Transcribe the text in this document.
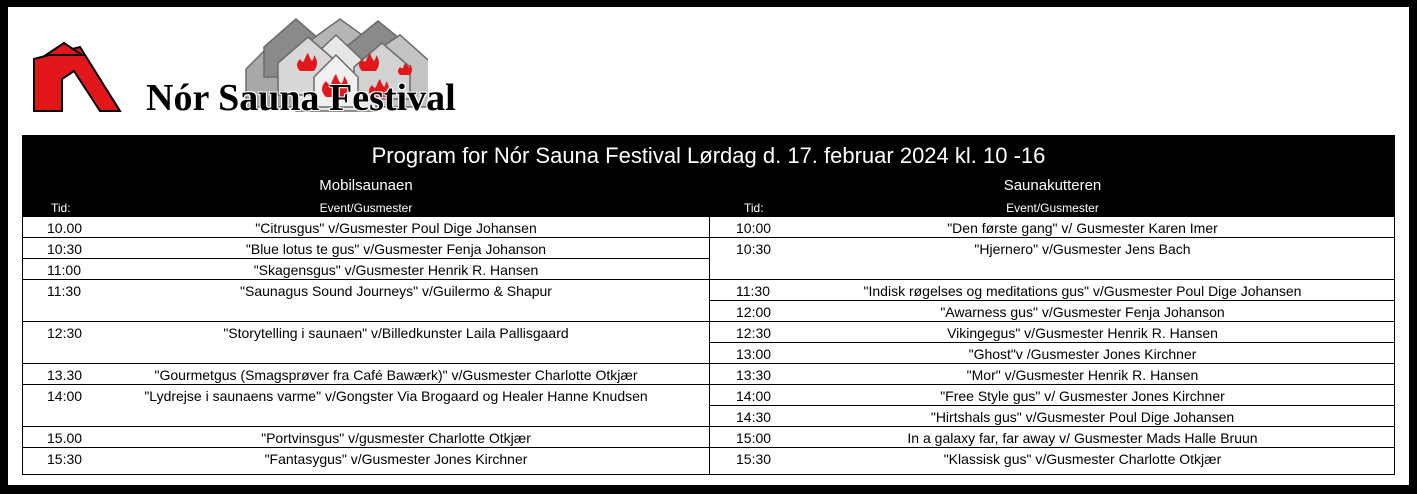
Nór Sauna Festival
Program for Nór Sauna Festival Lørdag d. 17. februar 2024 kl. 10 -16
Mobilsaunaen
Tid:	Event/Gusmester
10.00	"Citrusgus" v/Gusmester Poul Dige Johansen
10:30	"Blue lotus te gus" v/Gusmester Fenja Johanson
11:00	"Skagensgus" v/Gusmester Henrik R. Hansen
11:30	"Saunagus Sound Journeys" v/Guilermo & Shapur
12:30	"Storytelling i saunaen" v/Billedkunster Laila Pallisgaard
13.30	"Gourmetgus (Smagsprøver fra Café Bawærk)" v/Gusmester Charlotte Otkjær
14:00	"Lydrejse i saunaens varme" v/Gongster Via Brogaard og Healer Hanne Knudsen
15.00	"Portvinsgus" v/gusmester Charlotte Otkjær
15:30	"Fantasygus" v/Gusmester Jones Kirchner
Saunakutteren
Tid:	Event/Gusmester
10:00	"Den første gang" v/ Gusmester Karen Imer
10:30	"Hjernero" v/Gusmester Jens Bach
11:30	"Indisk røgelses og meditations gus" v/Gusmester Poul Dige Johansen
12:00	"Awarness gus" v/Gusmester Fenja Johanson
12:30	Vikingegus" v/Gusmester Henrik R. Hansen
13:00	"Ghost"v /Gusmester Jones Kirchner
13:30	"Mor" v/Gusmester Henrik R. Hansen
14:00	"Free Style gus" v/ Gusmester Jones Kirchner
14:30	"Hirtshals gus" v/Gusmester Poul Dige Johansen
15:00	In a galaxy far, far away v/ Gusmester Mads Halle Bruun
15:30	"Klassisk gus" v/Gusmester Charlotte Otkjær
